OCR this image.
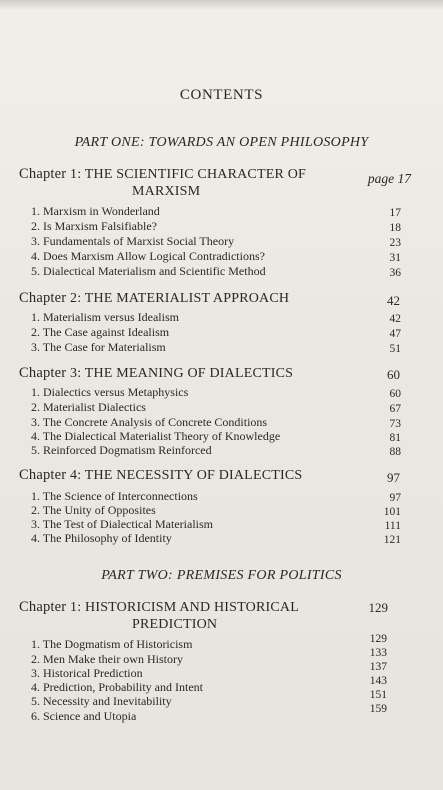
CONTENTS
PART ONE: TOWARDS AN OPEN PHILOSOPHY
Chapter 1: THE SCIENTIFIC CHARACTER OF
MARXISM
page 17
1. Marxism in Wonderland	17
2. Is Marxism Falsifiable?	18
3. Fundamentals of Marxist Social Theory	23
4. Does Marxism Allow Logical Contradictions?	31
5. Dialectical Materialism and Scientific Method	36
Chapter 2: THE MATERIALIST APPROACH	42
1. Materialism versus Idealism	42
2. The Case against Idealism	47
3. The Case for Materialism	51
Chapter 3: THE MEANING OF DIALECTICS	60
1. Dialectics versus Metaphysics	60
2. Materialist Dialectics	67
3. The Concrete Analysis of Concrete Conditions	73
4. The Dialectical Materialist Theory of Knowledge	81
5. Reinforced Dogmatism Reinforced	88
Chapter 4: THE NECESSITY OF DIALECTICS	97
1. The Science of Interconnections	97
2. The Unity of Opposites	101
3. The Test of Dialectical Materialism	111
4. The Philosophy of Identity	121
PART TWO: PREMISES FOR POLITICS
Chapter 1: HISTORICISM AND HISTORICAL
PREDICTION
129
1. The Dogmatism of Historicism	129
2. Men Make their own History	133
3. Historical Prediction	137
4. Prediction, Probability and Intent	143
5. Necessity and Inevitability	151
6. Science and Utopia	159
